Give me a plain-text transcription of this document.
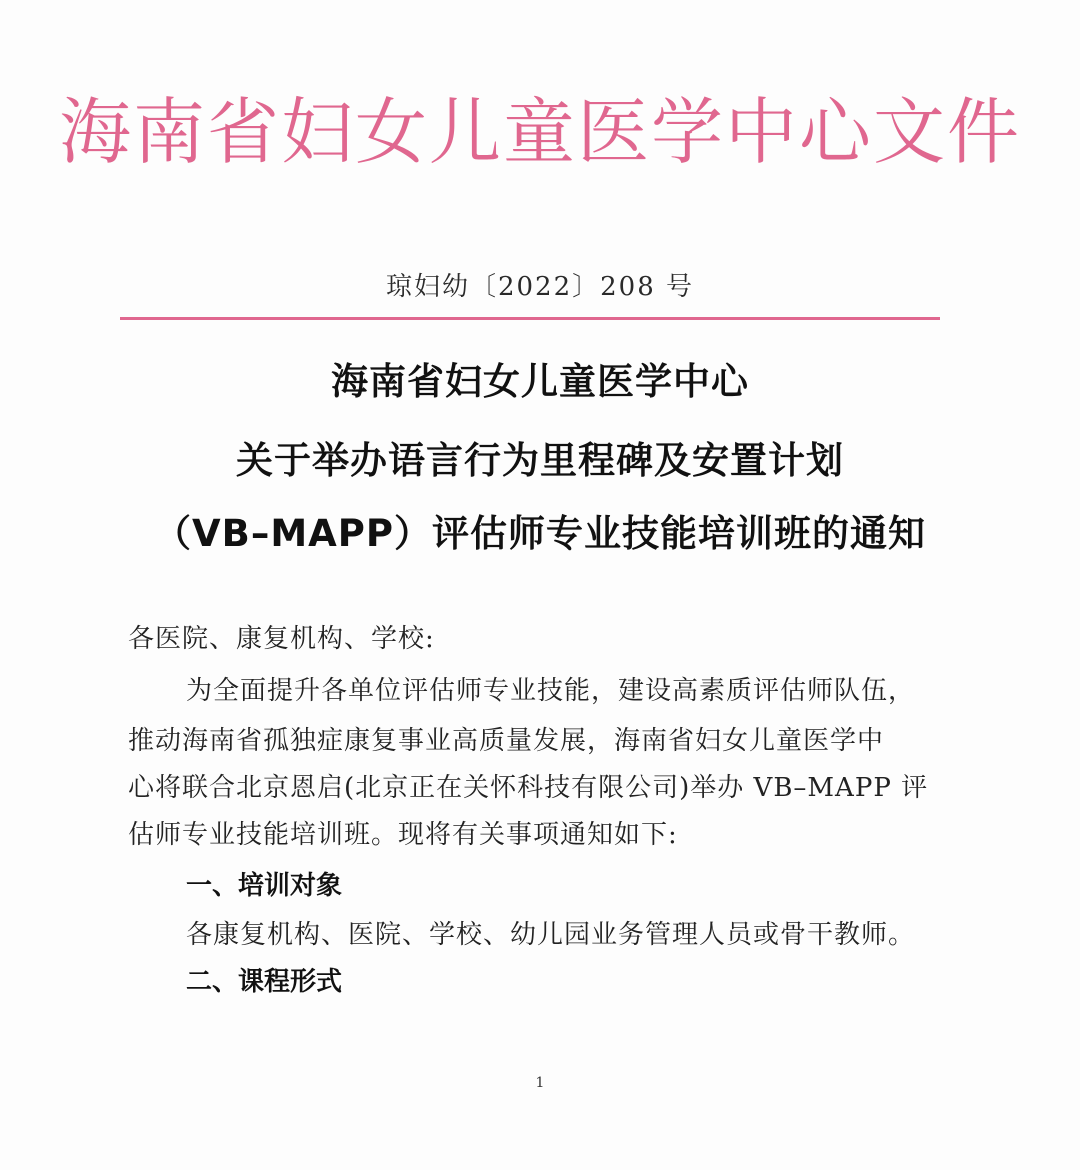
海南省妇女儿童医学中心文件
琼妇幼〔2022〕208 号
海南省妇女儿童医学中心
关于举办语言行为里程碑及安置计划
（VB–MAPP）评估师专业技能培训班的通知
各医院、康复机构、学校:
为全面提升各单位评估师专业技能，建设高素质评估师队伍，
推动海南省孤独症康复事业高质量发展，海南省妇女儿童医学中
心将联合北京恩启(北京正在关怀科技有限公司)举办 VB–MAPP 评
估师专业技能培训班。现将有关事项通知如下:
一、培训对象
各康复机构、医院、学校、幼儿园业务管理人员或骨干教师。
二、课程形式
1
